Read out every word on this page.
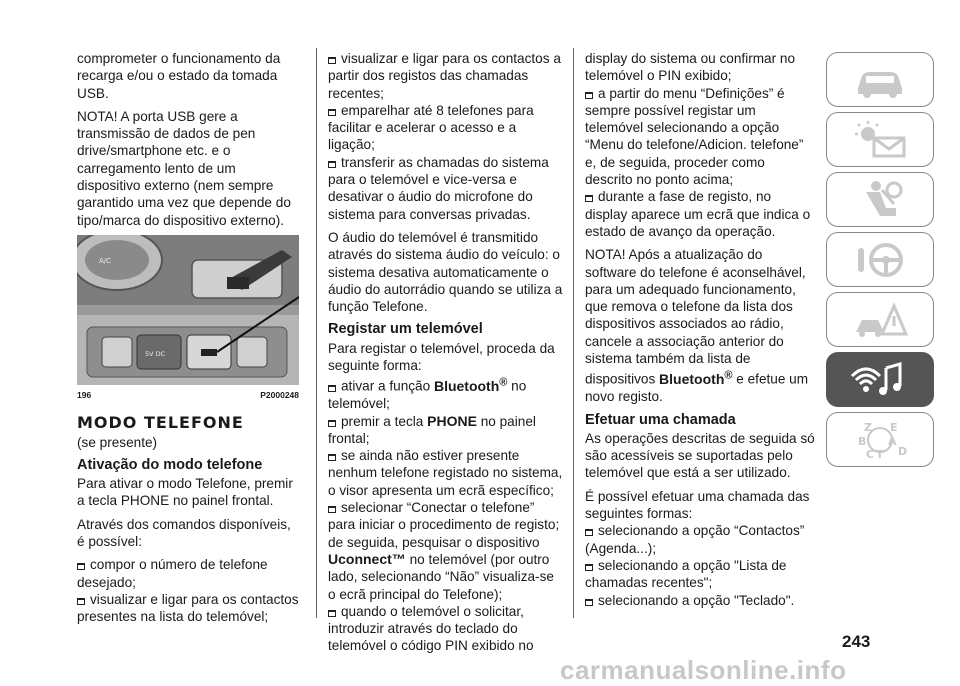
comprometer o funcionamento da recarga e/ou o estado da tomada USB.

NOTA! A porta USB gere a transmissão de dados de pen drive/smartphone etc. e o carregamento lento de um dispositivo externo (nem sempre garantido uma vez que depende do tipo/marca do dispositivo externo).

A/C
5V DC
196	P2000248
MODO TELEFONE

(se presente)

Ativação do modo telefone

Para ativar o modo Telefone, premir a tecla PHONE no painel frontal.

Através dos comandos disponíveis, é possível:

compor o número de telefone desejado;
visualizar e ligar para os contactos presentes na lista do telemóvel;
visualizar e ligar para os contactos a partir dos registos das chamadas recentes;
emparelhar até 8 telefones para facilitar e acelerar o acesso e a ligação;

transferir as chamadas do sistema para o telemóvel e vice-versa e desativar o áudio do microfone do sistema para conversas privadas.

O áudio do telemóvel é transmitido através do sistema áudio do veículo: o sistema desativa automaticamente o áudio do autorrádio quando se utiliza a função Telefone.

Registar um telemóvel
Para registar o telemóvel, proceda da seguinte forma:
ativar a função Bluetooth® no telemóvel;
premir a tecla PHONE no painel frontal;
se ainda não estiver presente nenhum telefone registado no sistema, o visor apresenta um ecrã específico;
selecionar “Conectar o telefone” para iniciar o procedimento de registo; de seguida, pesquisar o dispositivo Uconnect™ no telemóvel (por outro lado, selecionando “Não” visualiza-se o ecrã principal do Telefone);
quando o telemóvel o solicitar, introduzir através do teclado do telemóvel o código PIN exibido no
display do sistema ou confirmar no telemóvel o PIN exibido;
a partir do menu “Definições” é sempre possível registar um telemóvel selecionando a opção “Menu do telefone/Adicion. telefone” e, de seguida, proceder como descrito no ponto acima;

durante a fase de registo, no display aparece um ecrã que indica o estado de avanço da operação.

NOTA! Após a atualização do software do telefone é aconselhável, para um adequado funcionamento, que remova o telefone da lista dos dispositivos associados ao rádio, cancele a associação anterior do sistema também da lista de dispositivos Bluetooth® e efetue um novo registo.

Efetuar uma chamada

As operações descritas de seguida só são acessíveis se suportadas pelo telemóvel que está a ser utilizado.

É possível efetuar uma chamada das seguintes formas:
selecionando a opção “Contactos” (Agenda...);
selecionando a opção "Lista de chamadas recentes";
selecionando a opção "Teclado".
Z E
B A
C T D
243
carmanualsonline.info
